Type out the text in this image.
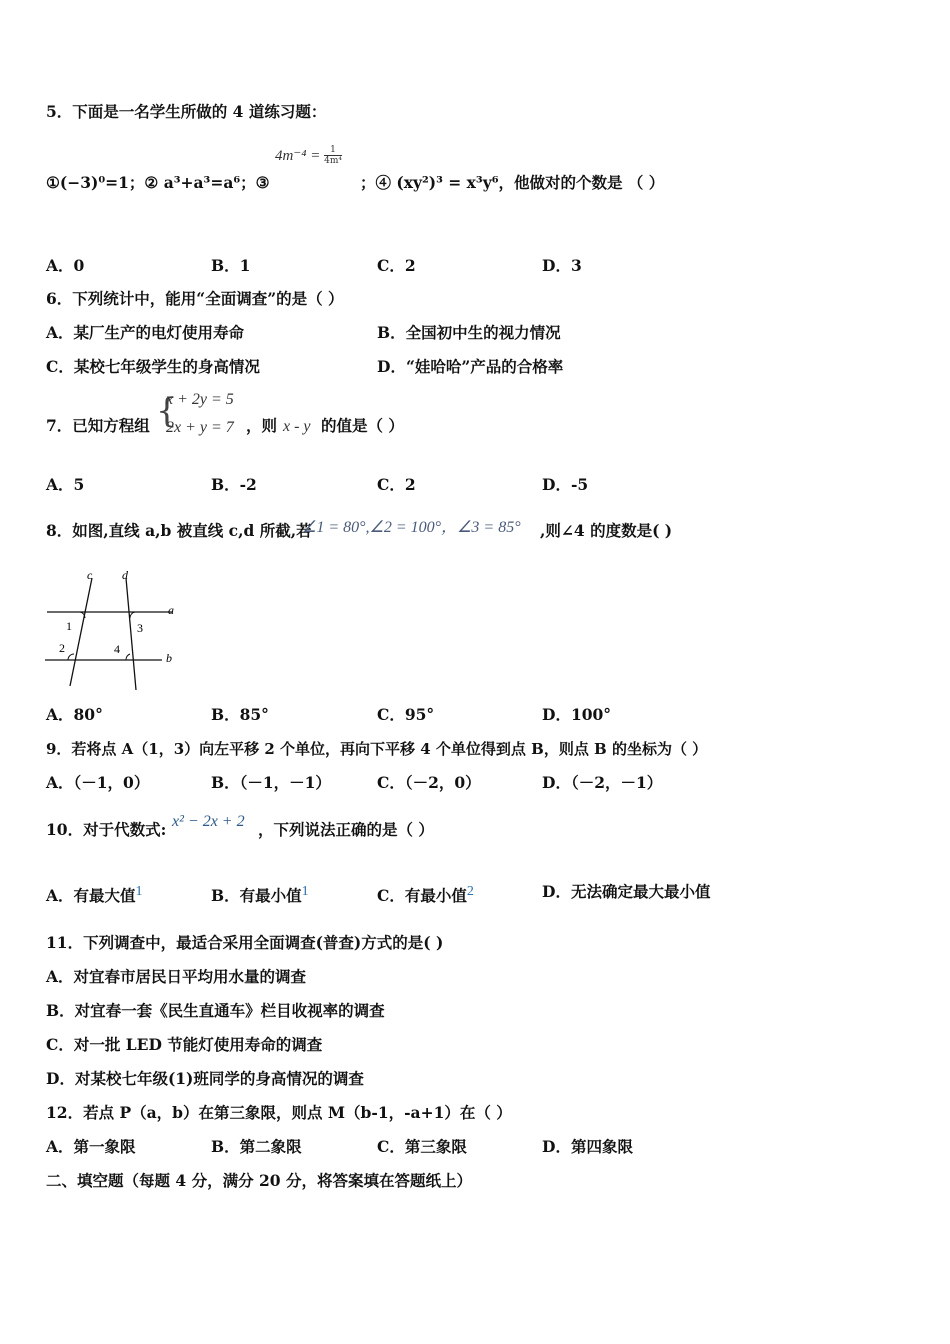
5．下面是一名学生所做的 4 道练习题：
$4m^{-4} = \frac{1}{\text{4m⁴}}$
①(−3)⁰=1；② a³+a³=a⁶；③	；④ (xy²)³ = x³y⁶，他做对的个数是 （ ）
A．0	B．1	C．2	D．3
6．下列统计中，能用“全面调查”的是（ ）
A．某厂生产的电灯使用寿命	B．全国初中生的视力情况
C．某校七年级学生的身高情况	D．“娃哈哈”产品的合格率
7．已知方程组 {
x + 2y = 5
2x + y = 7 ，则 x - y 的值是（ ）
A．5	B．-2	C．2	D．-5
8．如图,直线 a,b 被直线 c,d 所截,若
∠1 = 80°,∠2 = 100°，∠3 = 85° ,则∠4 的度数是( )
c d
a
b
1	3
2	4
A．80°	B．85°	C．95°	D．100°
9．若将点 A（1，3）向左平移 2 个单位，再向下平移 4 个单位得到点 B，则点 B 的坐标为（ ）
A．（－1，0）	B．（－1，－1）	C．（－2，0）	D．（－2，－1）
10．对于代数式: x² − 2x + 2 ，下列说法正确的是（ ）
A．有最大值1	B．有最小值1	C．有最小值2	D．无法确定最大最小值
11．下列调查中，最适合采用全面调查(普查)方式的是( )
A．对宜春市居民日平均用水量的调查
B．对宜春一套《民生直通车》栏目收视率的调查
C．对一批 LED 节能灯使用寿命的调查
D．对某校七年级(1)班同学的身高情况的调查
12．若点 P（a，b）在第三象限，则点 M（b-1，-a+1）在（ ）
A．第一象限	B．第二象限	C．第三象限	D．第四象限
二、填空题（每题 4 分，满分 20 分，将答案填在答题纸上）
